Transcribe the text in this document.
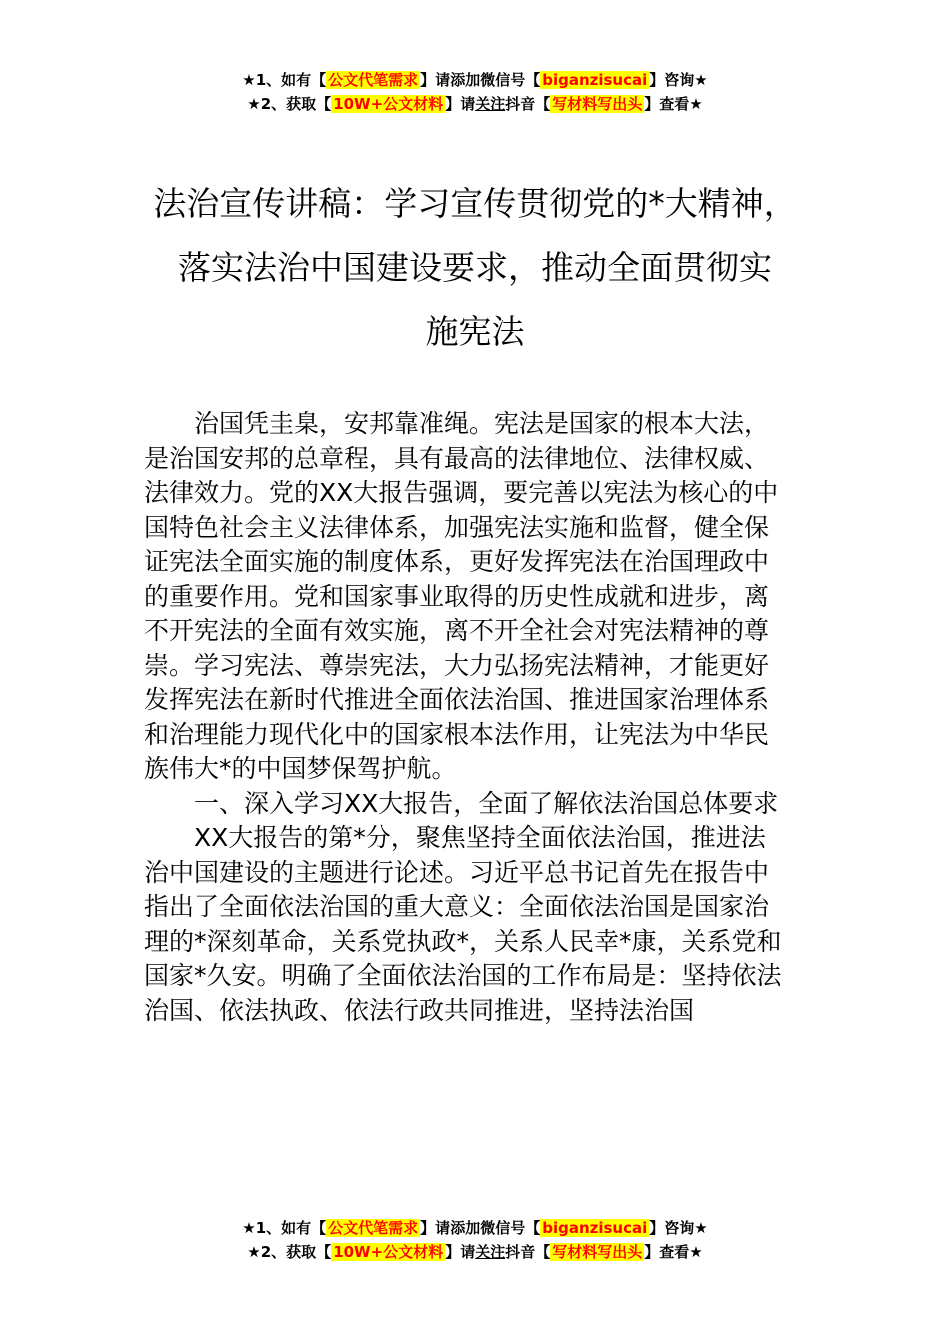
★1、如有【 公文代笔需求 】请添加微信号【 biganzisucai 】咨询★
★2、获取【 10W+公文材料 】请关注抖音【 写材料写出头 】查看★
法治宣传讲稿：学习宣传贯彻党的*大精神，
落实法治中国建设要求，推动全面贯彻实
施宪法
治国凭圭臬，安邦靠准绳。宪法是国家的根本大法，
是治国安邦的总章程，具有最高的法律地位、法律权威、
法律效力。党的XX大报告强调，要完善以宪法为核心的中
国特色社会主义法律体系，加强宪法实施和监督，健全保
证宪法全面实施的制度体系，更好发挥宪法在治国理政中
的重要作用。党和国家事业取得的历史性成就和进步，离
不开宪法的全面有效实施，离不开全社会对宪法精神的尊
崇。学习宪法、尊崇宪法，大力弘扬宪法精神，才能更好
发挥宪法在新时代推进全面依法治国、推进国家治理体系
和治理能力现代化中的国家根本法作用，让宪法为中华民
族伟大*的中国梦保驾护航。
一、深入学习XX大报告，全面了解依法治国总体要求
XX大报告的第*分，聚焦坚持全面依法治国，推进法
治中国建设的主题进行论述。习近平总书记首先在报告中
指出了全面依法治国的重大意义：全面依法治国是国家治
理的*深刻革命，关系党执政*，关系人民幸*康，关系党和
国家*久安。明确了全面依法治国的工作布局是：坚持依法
治国、依法执政、依法行政共同推进，坚持法治国
★1、如有【 公文代笔需求 】请添加微信号【 biganzisucai 】咨询★
★2、获取【 10W+公文材料 】请关注抖音【 写材料写出头 】查看★
